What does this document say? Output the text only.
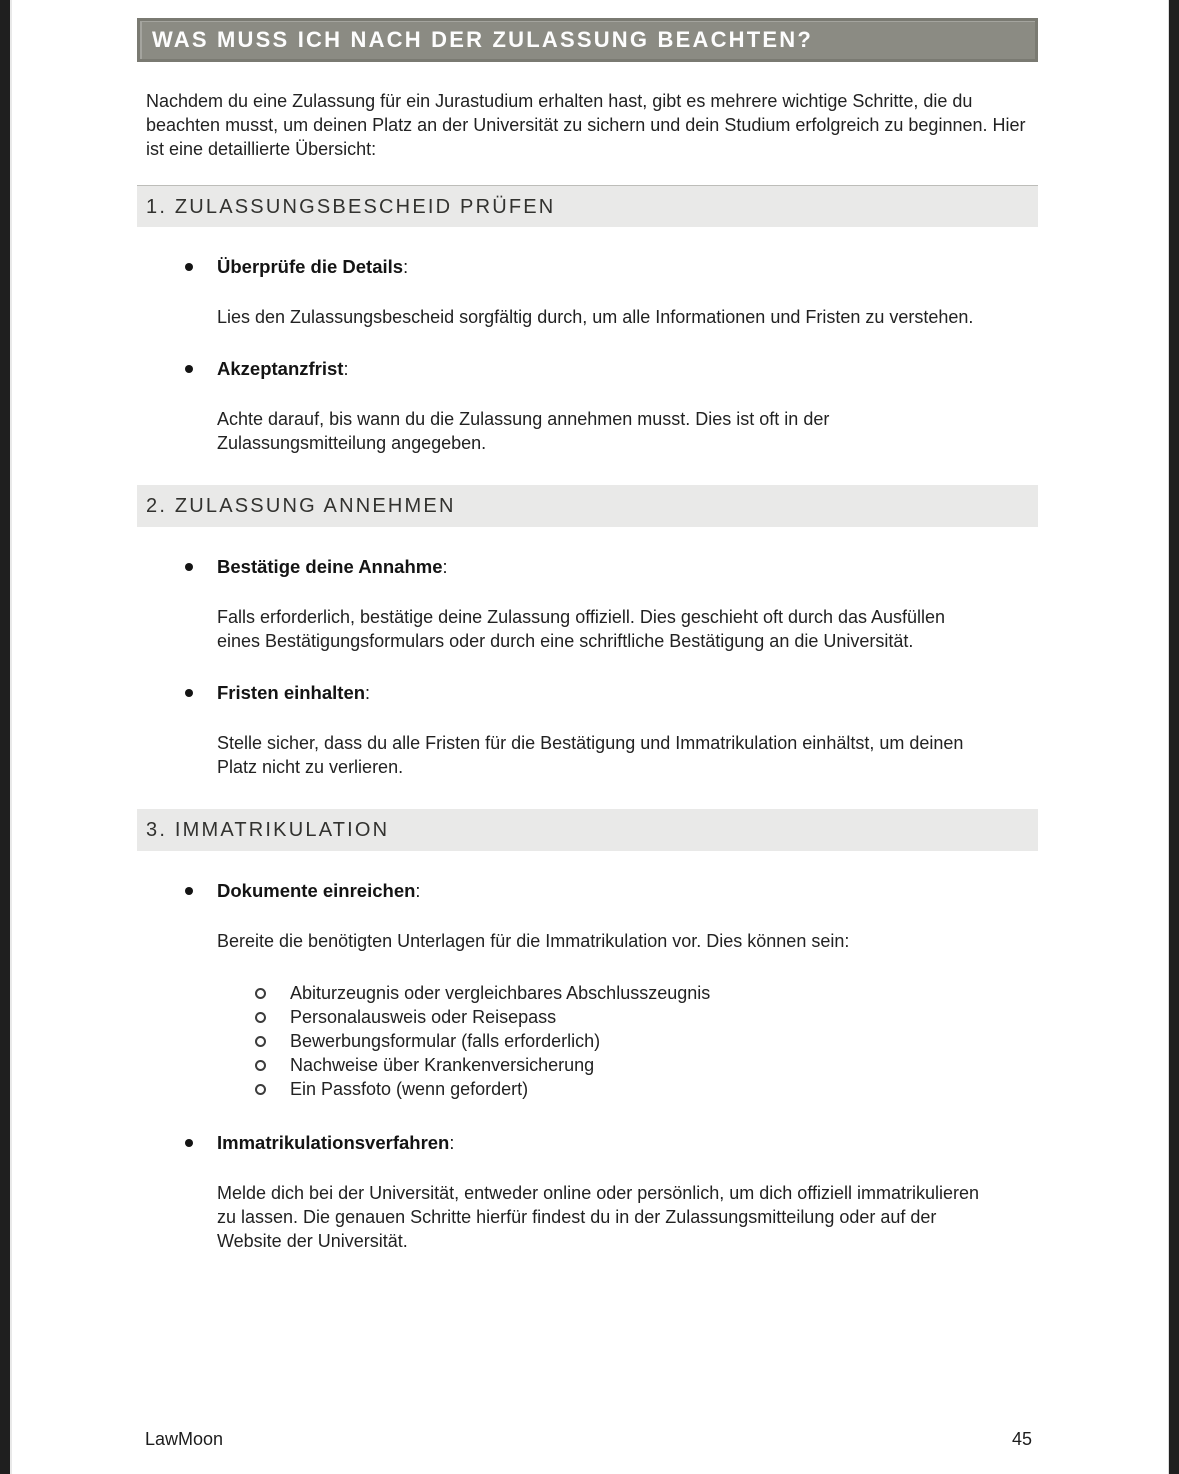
WAS MUSS ICH NACH DER ZULASSUNG BEACHTEN?
Nachdem du eine Zulassung für ein Jurastudium erhalten hast, gibt es mehrere wichtige Schritte, die du beachten musst, um deinen Platz an der Universität zu sichern und dein Studium erfolgreich zu beginnen. Hier ist eine detaillierte Übersicht:
1. ZULASSUNGSBESCHEID PRÜFEN
Überprüfe die Details:
Lies den Zulassungsbescheid sorgfältig durch, um alle Informationen und Fristen zu verstehen.
Akzeptanzfrist:
Achte darauf, bis wann du die Zulassung annehmen musst. Dies ist oft in der
Zulassungsmitteilung angegeben.
2. ZULASSUNG ANNEHMEN
Bestätige deine Annahme:
Falls erforderlich, bestätige deine Zulassung offiziell. Dies geschieht oft durch das Ausfüllen
eines Bestätigungsformulars oder durch eine schriftliche Bestätigung an die Universität.
Fristen einhalten:
Stelle sicher, dass du alle Fristen für die Bestätigung und Immatrikulation einhältst, um deinen
Platz nicht zu verlieren.
3. IMMATRIKULATION
Dokumente einreichen:
Bereite die benötigten Unterlagen für die Immatrikulation vor. Dies können sein:
Abiturzeugnis oder vergleichbares Abschlusszeugnis
Personalausweis oder Reisepass
Bewerbungsformular (falls erforderlich)
Nachweise über Krankenversicherung
Ein Passfoto (wenn gefordert)
Immatrikulationsverfahren:
Melde dich bei der Universität, entweder online oder persönlich, um dich offiziell immatrikulieren
zu lassen. Die genauen Schritte hierfür findest du in der Zulassungsmitteilung oder auf der
Website der Universität.
LawMoon	45
